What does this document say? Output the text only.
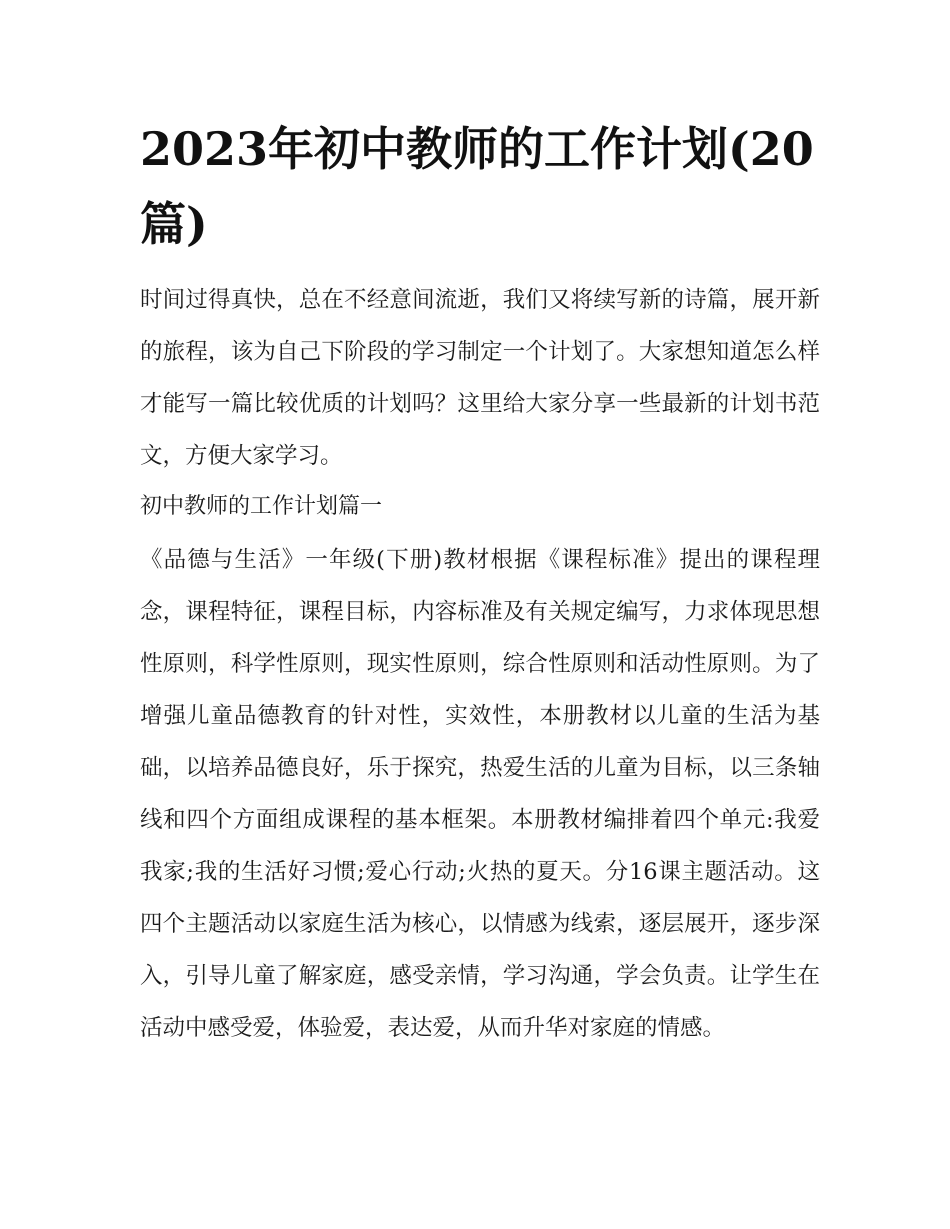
2023年初中教师的工作计划(20篇)

时间过得真快，总在不经意间流逝，我们又将续写新的诗篇，展开新的旅程，该为自己下阶段的学习制定一个计划了。大家想知道怎么样才能写一篇比较优质的计划吗？这里给大家分享一些最新的计划书范文，方便大家学习。

初中教师的工作计划篇一

《品德与生活》一年级(下册)教材根据《课程标准》提出的课程理念，课程特征，课程目标，内容标准及有关规定编写，力求体现思想性原则，科学性原则，现实性原则，综合性原则和活动性原则。为了增强儿童品德教育的针对性，实效性，本册教材以儿童的生活为基础，以培养品德良好，乐于探究，热爱生活的儿童为目标，以三条轴线和四个方面组成课程的基本框架。本册教材编排着四个单元:我爱我家;我的生活好习惯;爱心行动;火热的夏天。分16课主题活动。这四个主题活动以家庭生活为核心，以情感为线索，逐层展开，逐步深入，引导儿童了解家庭，感受亲情，学习沟通，学会负责。让学生在活动中感受爱，体验爱，表达爱，从而升华对家庭的情感。
